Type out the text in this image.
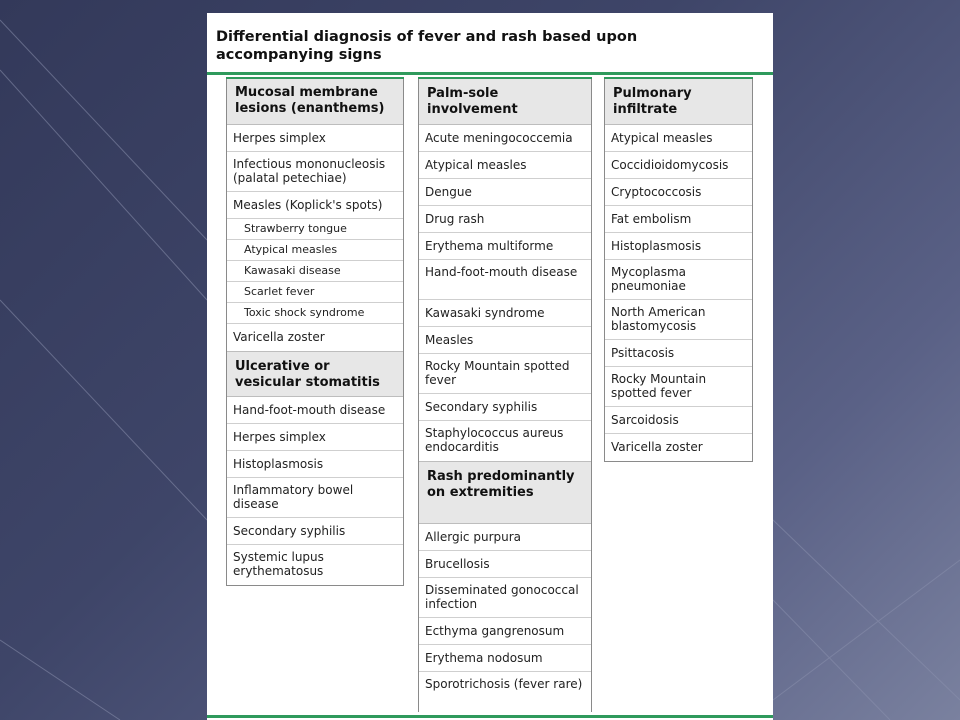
Differential diagnosis of fever and rash based upon accompanying signs
Mucosal membrane lesions (enanthems)
Herpes simplex
Infectious mononucleosis (palatal petechiae)
Measles (Koplick's spots)
Strawberry tongue
Atypical measles
Kawasaki disease
Scarlet fever
Toxic shock syndrome
Varicella zoster
Ulcerative or vesicular stomatitis
Hand-foot-mouth disease
Herpes simplex
Histoplasmosis
Inflammatory bowel disease
Secondary syphilis
Systemic lupus erythematosus
Palm-sole involvement
Acute meningococcemia
Atypical measles
Dengue
Drug rash
Erythema multiforme
Hand-foot-mouth disease
Kawasaki syndrome
Measles
Rocky Mountain spotted fever
Secondary syphilis
Staphylococcus aureus endocarditis
Rash predominantly on extremities
Allergic purpura
Brucellosis
Disseminated gonococcal infection
Ecthyma gangrenosum
Erythema nodosum
Sporotrichosis (fever rare)
Pulmonary infiltrate
Atypical measles
Coccidioidomycosis
Cryptococcosis
Fat embolism
Histoplasmosis
Mycoplasma pneumoniae
North American blastomycosis
Psittacosis
Rocky Mountain spotted fever
Sarcoidosis
Varicella zoster
